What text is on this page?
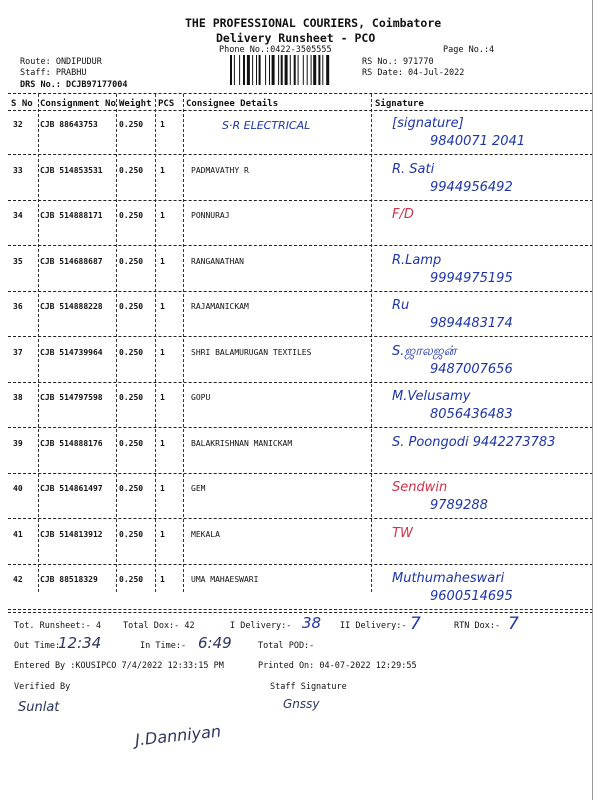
THE PROFESSIONAL COURIERS, Coimbatore
Delivery Runsheet - PCO
Phone No.:0422-3505555	Page No.:4
Route: ONDIPUDUR
Staff: PRABHU
DRS No.: DCJB97177004
RS No.: 971770
RS Date: 04-Jul-2022
S No Consignment No Weight PCS Consignee Details	Signature
32 CJB 88643753	0.250 1	S·R ELECTRICAL	[signature]
9840071 2041
33 CJB 514853531 0.250 1	PADMAVATHY R	R. Sati
9944956492
34 CJB 514888171 0.250 1	PONNURAJ	F/D
35 CJB 514688687 0.250 1	RANGANATHAN	R.Lamp
9994975195
36 CJB 514888228 0.250 1	RAJAMANICKAM	Ru
9894483174
37 CJB 514739964 0.250 1	SHRI BALAMURUGAN TEXTILES	S.ஜாலஜன்
9487007656
38 CJB 514797598 0.250 1	GOPU	M.Velusamy
8056436483
39 CJB 514888176 0.250 1	BALAKRISHNAN MANICKAM	S. Poongodi 9442273783
40 CJB 514861497 0.250 1	GEM	Sendwin
9789288
41 CJB 514813912 0.250 1	MEKALA	TW
42 CJB 88518329	0.250 1	UMA MAHAESWARI	Muthumaheswari
9600514695
Tot. Runsheet:- 4	Total Dox:- 42	I Delivery:- 38 II Delivery:- 7	RTN Dox:- 7
Out Time:
12:34	In Time:- 6:49	Total POD:-
Entered By :KOUSIPCO 7/4/2022 12:33:15 PM	Printed On: 04-07-2022 12:29:55
Verified By	Staff Signature
Sunlat	Gnssy
J.Danniyan
